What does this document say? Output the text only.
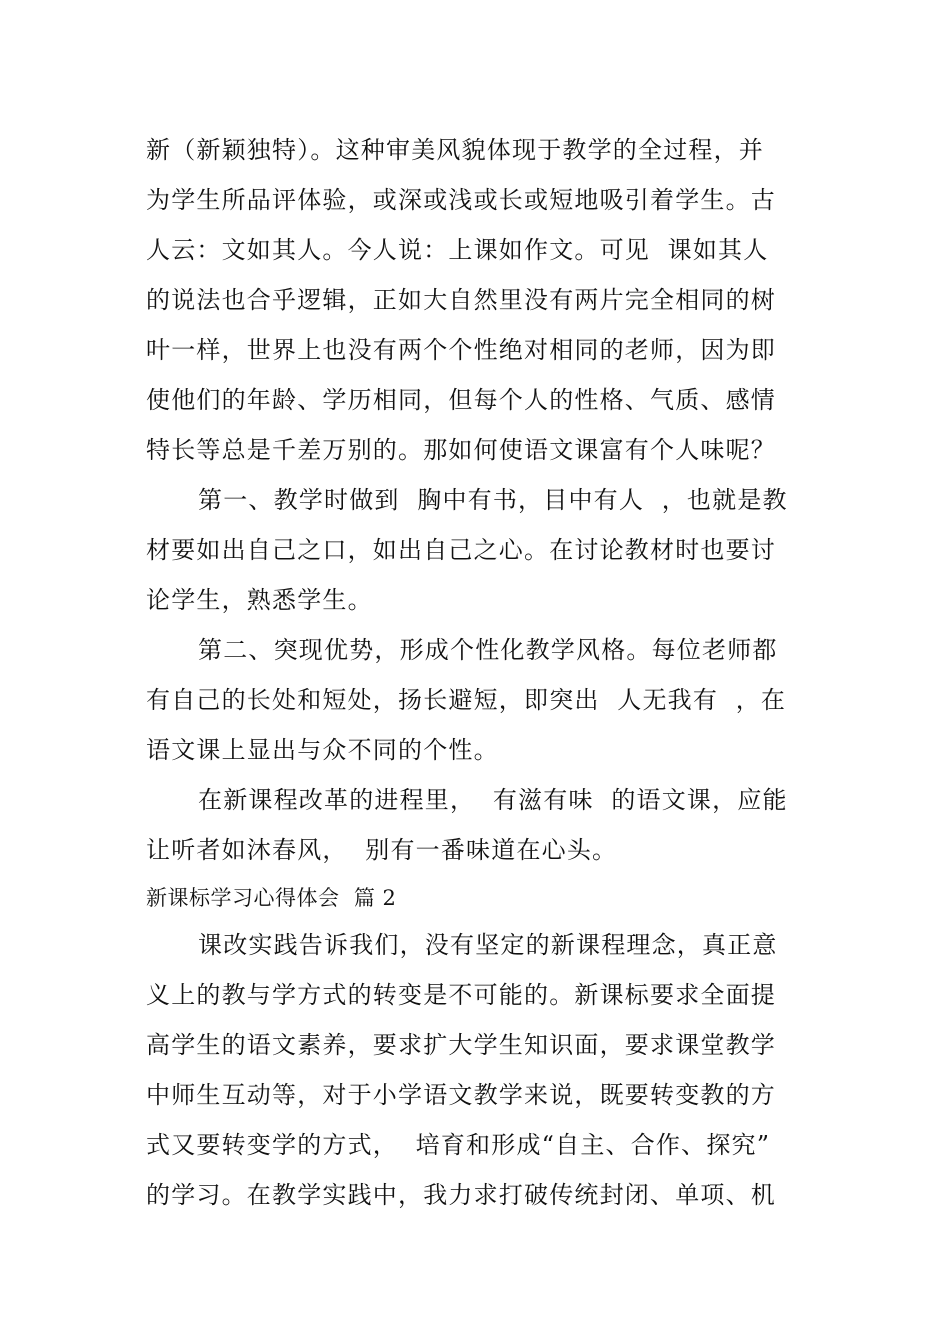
新（新颖独特）。这种审美风貌体现于教学的全过程，并
为学生所品评体验，或深或浅或长或短地吸引着学生。古
人云：文如其人。今人说：上课如作文。可见  课如其人
的说法也合乎逻辑，正如大自然里没有两片完全相同的树
叶一样，世界上也没有两个个性绝对相同的老师，因为即
使他们的年龄、学历相同，但每个人的性格、气质、感情
特长等总是千差万别的。那如何使语文课富有个人味呢？
第一、教学时做到  胸中有书，目中有人  ，也就是教
材要如出自己之口，如出自己之心。在讨论教材时也要讨
论学生，熟悉学生。
第二、突现优势，形成个性化教学风格。每位老师都
有自己的长处和短处，扬长避短，即突出  人无我有  ，在
语文课上显出与众不同的个性。
在新课程改革的进程里，  有滋有味  的语文课，应能
让听者如沐春风，  别有一番味道在心头。
新课标学习心得体会  篇 2
课改实践告诉我们，没有坚定的新课程理念，真正意
义上的教与学方式的转变是不可能的。新课标要求全面提
高学生的语文素养，要求扩大学生知识面，要求课堂教学
中师生互动等，对于小学语文教学来说，既要转变教的方
式又要转变学的方式，  培育和形成“自主、合作、探究”
的学习。在教学实践中，我力求打破传统封闭、单项、机
